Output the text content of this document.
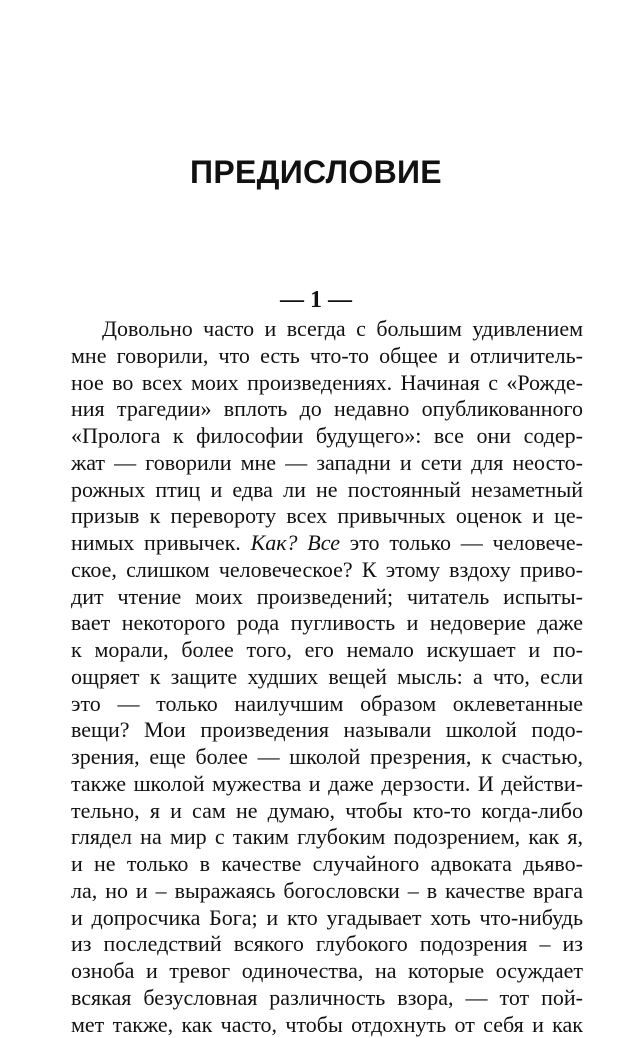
ПРЕДИСЛОВИЕ
— 1 —
Довольно часто и всегда с большим удивлением
мне говорили, что есть что-то общее и отличитель-
ное во всех моих произведениях. Начиная с «Рожде-
ния трагедии» вплоть до недавно опубликованного
«Пролога к философии будущего»: все они содер-
жат — говорили мне — западни и сети для неосто-
рожных птиц и едва ли не постоянный незаметный
призыв к перевороту всех привычных оценок и це-
нимых привычек. Как? Все это только — человече-
ское, слишком человеческое? К этому вздоху приво-
дит чтение моих произведений; читатель испыты-
вает некоторого рода пугливость и недоверие даже
к морали, более того, его немало искушает и по-
ощряет к защите худших вещей мысль: а что, если
это — только наилучшим образом оклеветанные
вещи? Мои произведения называли школой подо-
зрения, еще более — школой презрения, к счастью,
также школой мужества и даже дерзости. И действи-
тельно, я и сам не думаю, чтобы кто-то когда-либо
глядел на мир с таким глубоким подозрением, как я,
и не только в качестве случайного адвоката дьяво-
ла, но и – выражаясь богословски – в качестве врага
и допросчика Бога; и кто угадывает хоть что-нибудь
из последствий всякого глубокого подозрения – из
озноба и тревог одиночества, на которые осуждает
всякая безусловная различность взора, — тот пой-
мет также, как часто, чтобы отдохнуть от себя и как
